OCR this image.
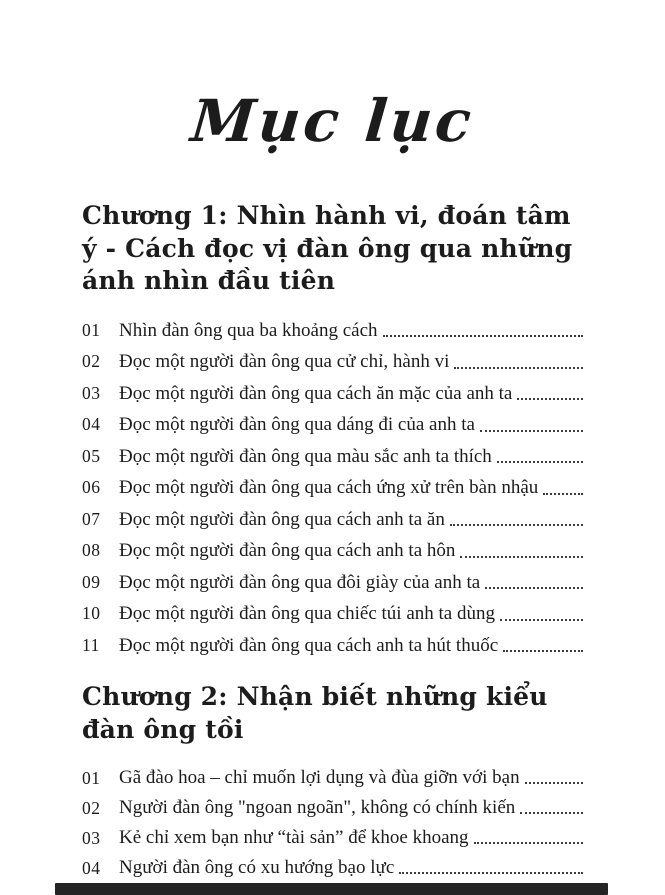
Mục lục
Chương 1: Nhìn hành vi, đoán tâm ý - Cách đọc vị đàn ông qua những ánh nhìn đầu tiên
01 Nhìn đàn ông qua ba khoảng cách
02 Đọc một người đàn ông qua cử chỉ, hành vi
03 Đọc một người đàn ông qua cách ăn mặc của anh ta
04 Đọc một người đàn ông qua dáng đi của anh ta
05 Đọc một người đàn ông qua màu sắc anh ta thích
06 Đọc một người đàn ông qua cách ứng xử trên bàn nhậu
07 Đọc một người đàn ông qua cách anh ta ăn
08 Đọc một người đàn ông qua cách anh ta hôn
09 Đọc một người đàn ông qua đôi giày của anh ta
10 Đọc một người đàn ông qua chiếc túi anh ta dùng
11	Đọc một người đàn ông qua cách anh ta hút thuốc
Chương 2: Nhận biết những kiểu đàn ông tồi
01 Gã đào hoa – chỉ muốn lợi dụng và đùa giỡn với bạn
02 Người đàn ông "ngoan ngoãn", không có chính kiến
03 Kẻ chỉ xem bạn như “tài sản” để khoe khoang
04 Người đàn ông có xu hướng bạo lực
